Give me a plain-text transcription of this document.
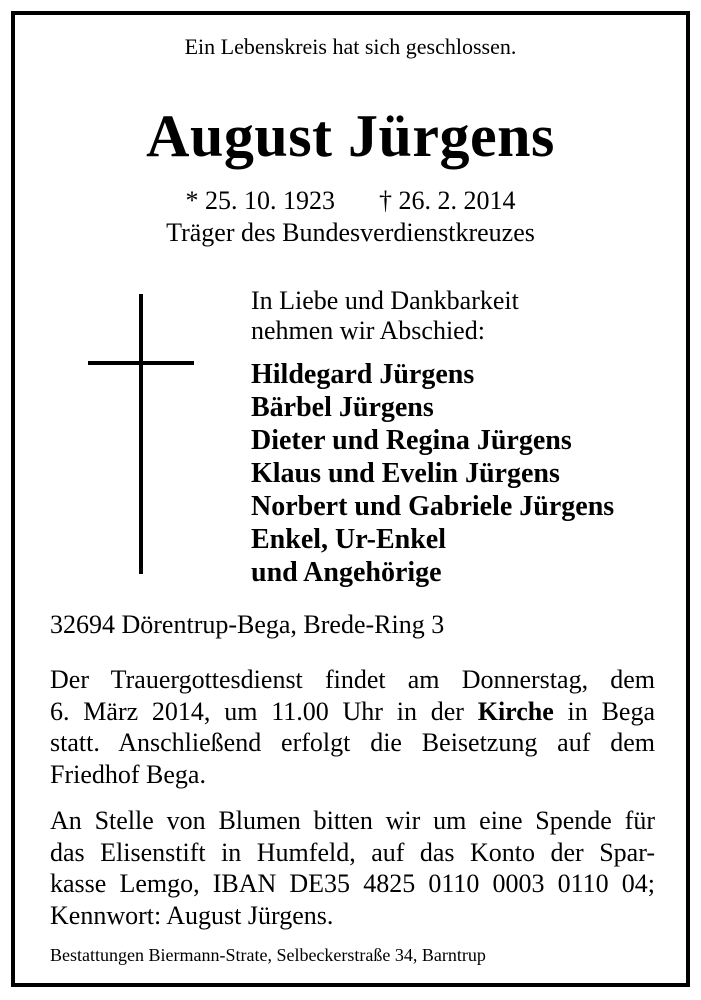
Ein Lebenskreis hat sich geschlossen.
August Jürgens
* 25. 10. 1923 † 26. 2. 2014
Träger des Bundesverdienstkreuzes
In Liebe und Dankbarkeit
nehmen wir Abschied:
Hildegard Jürgens
Bärbel Jürgens
Dieter und Regina Jürgens
Klaus und Evelin Jürgens
Norbert und Gabriele Jürgens
Enkel, Ur-Enkel
und Angehörige
32694 Dörentrup-Bega, Brede-Ring 3
Der Trauergottesdienst findet am Donnerstag, dem
6. März 2014, um 11.00 Uhr in der Kirche in Bega
statt. Anschließend erfolgt die Beisetzung auf dem
Friedhof Bega.
An Stelle von Blumen bitten wir um eine Spende für
das Elisenstift in Humfeld, auf das Konto der Spar-
kasse Lemgo, IBAN DE35 4825 0110 0003 0110 04;
Kennwort: August Jürgens.
Bestattungen Biermann-Strate, Selbeckerstraße 34, Barntrup
